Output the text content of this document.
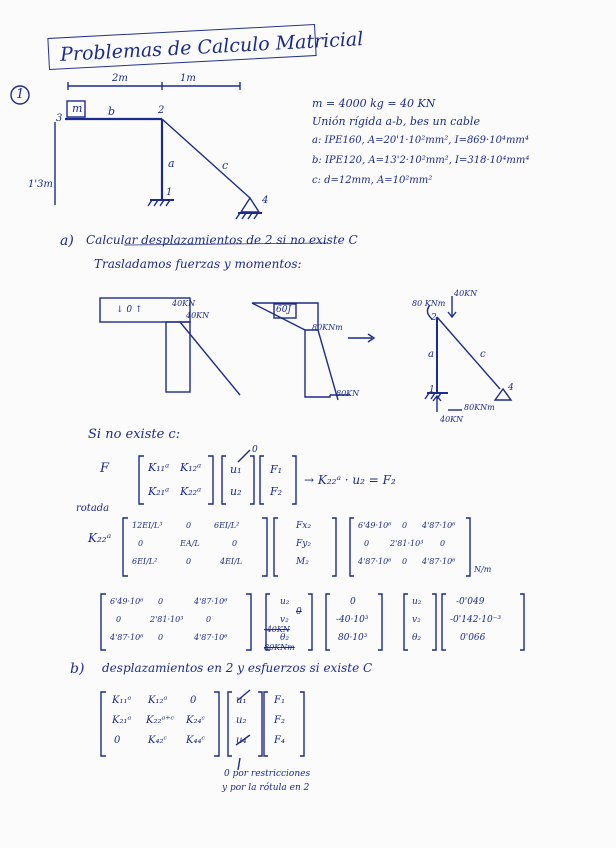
Problemas de Calculo Matricial
1
2m	1m
1'3m
3
2
1
4
m b
a	c
m = 4000 kg = 40 KN
Unión rígida a-b, bes un cable
a: IPE160, A=20'1·10²mm², I=869·10⁴mm⁴
b: IPE120, A=13'2·10²mm², I=318·10⁴mm⁴
c: d=12mm, A=10²mm²
a) Calcular desplazamientos de 2 si no existe C
Trasladamos fuerzas y momentos:
40KN
40KN
↓ 0 ↑	60J
80KNm
80KN
80 KNm
40KN
2
a	c
1	4
40KN
80KNm
Si no existe c:
F	K₁₁ᵃ K₁₂ᵃ
K₂₁ᵃ K₂₂ᵃ
u₁
0
u₂
F₁
F₂
→ K₂₂ᵃ · u₂ = F₂
rotada
K₂₂ᵃ
12EI/L³	0	6EI/L²
0	EA/L	0
6EI/L²	0	4EI/L
Fx₂
Fy₂
M₂
6'49·10⁶ 0 4'87·10⁶
0	2'81·10³ 0
4'87·10⁶ 0 4'87·10⁶
N/m
6'49·10⁶ 0	4'87·10⁶
0	2'81·10³	0
4'87·10⁶ 0	4'87·10⁶
u₂
v₂
θ₂
0
-40KN
80KNm
0
-40·10³
80·10³
u₂
v₂
θ₂
-0'049
-0'142·10⁻³
0'066
b) desplazamientos en 2 y esfuerzos si existe C
K₁₁ᵃ K₁₂ᵃ 0
K₂₁ᵃ K₂₂ᵃ⁺ᶜ K₂₄ᶜ
0	K₄₂ᶜ K₄₄ᶜ
u₁
u₂
u₄
F₁
F₂
F₄
0 por restricciones
y por la rótula en 2
